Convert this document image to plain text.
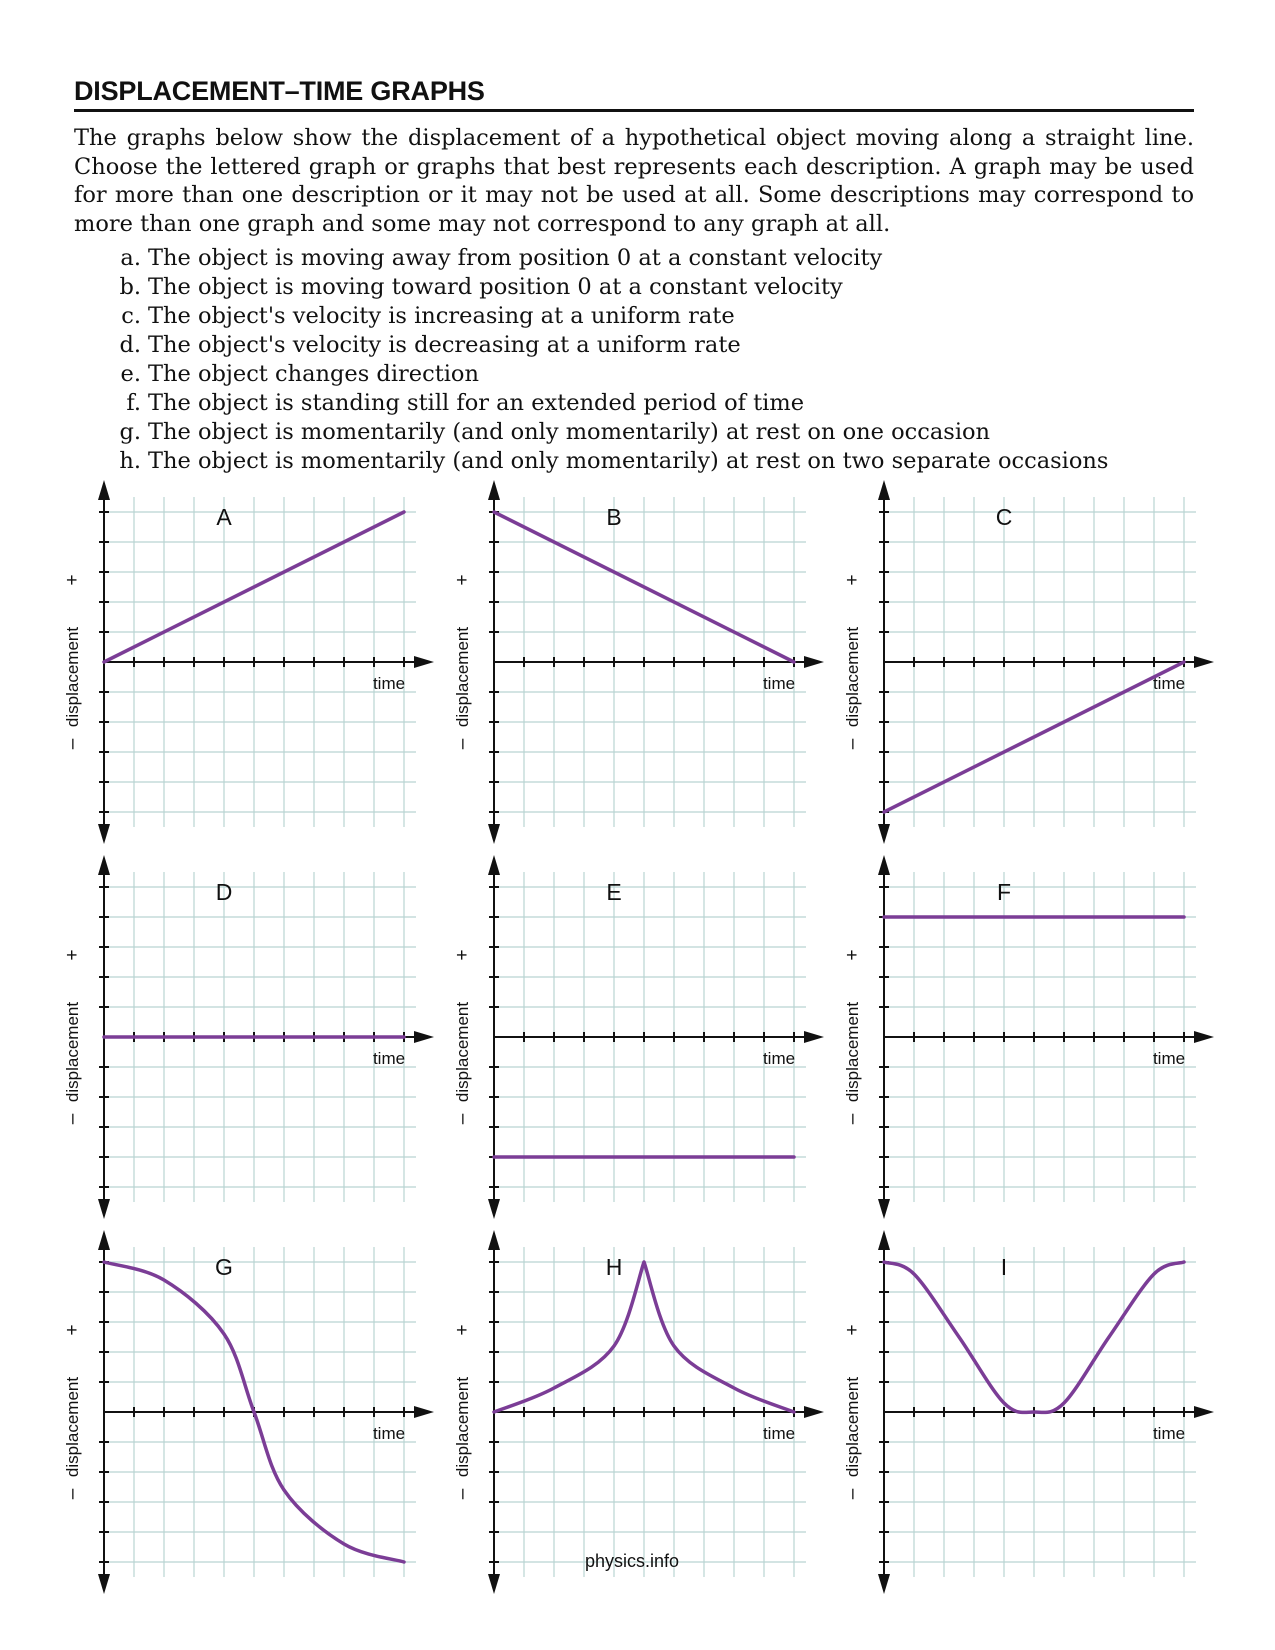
DISPLACEMENT–TIME GRAPHS
The graphs below show the displacement of a hypothetical object moving along a straight line. Choose the lettered graph or graphs that best represents each description. A graph may be used for more than one description or it may not be used at all. Some descriptions may correspond to more than one graph and some may not correspond to any graph at all.
a. The object is moving away from position 0 at a constant velocity
b. The object is moving toward position 0 at a constant velocity
c. The object's velocity is increasing at a uniform rate
d. The object's velocity is decreasing at a uniform rate
e. The object changes direction
f. The object is standing still for an extended period of time
g. The object is momentarily (and only momentarily) at rest on one occasion
h. The object is momentarily (and only momentarily) at rest on two separate occasions
A
time
displacement
+
–
B
time
displacement
+
–
C
time
displacement
+
–
D
time
displacement
+
–
E
time
displacement
+
–
F
time
displacement
+
–
G
time
displacement
+
–
H
time
displacement
+
–
I
time
displacement
+
–
physics.info
